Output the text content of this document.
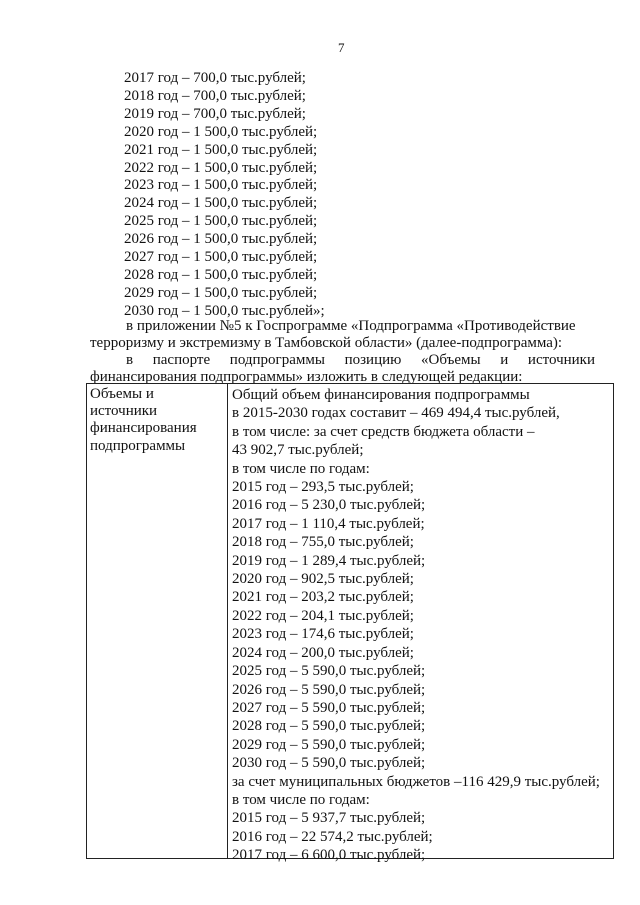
7
2017 год – 700,0 тыс.рублей;
2018 год – 700,0 тыс.рублей;
2019 год – 700,0 тыс.рублей;
2020 год – 1 500,0 тыс.рублей;
2021 год – 1 500,0 тыс.рублей;
2022 год – 1 500,0 тыс.рублей;
2023 год – 1 500,0 тыс.рублей;
2024 год – 1 500,0 тыс.рублей;
2025 год – 1 500,0 тыс.рублей;
2026 год – 1 500,0 тыс.рублей;
2027 год – 1 500,0 тыс.рублей;
2028 год – 1 500,0 тыс.рублей;
2029 год – 1 500,0 тыс.рублей;
2030 год – 1 500,0 тыс.рублей»;
в приложении №5 к Госпрограмме «Подпрограмма «Противодействие
терроризму и экстремизму в Тамбовской области» (далее-подпрограмма):
в паспорте подпрограммы позицию «Объемы и источники
финансирования подпрограммы» изложить в следующей редакции:
Объемы и
источники
финансирования
подпрограммы
Общий объем финансирования подпрограммы
в 2015-2030 годах составит – 469 494,4 тыс.рублей,
в том числе: за счет средств бюджета области –
43 902,7 тыс.рублей;
в том числе по годам:
2015 год – 293,5 тыс.рублей;
2016 год – 5 230,0 тыс.рублей;
2017 год – 1 110,4 тыс.рублей;
2018 год – 755,0 тыс.рублей;
2019 год – 1 289,4 тыс.рублей;
2020 год – 902,5 тыс.рублей;
2021 год – 203,2 тыс.рублей;
2022 год – 204,1 тыс.рублей;
2023 год – 174,6 тыс.рублей;
2024 год – 200,0 тыс.рублей;
2025 год – 5 590,0 тыс.рублей;
2026 год – 5 590,0 тыс.рублей;
2027 год – 5 590,0 тыс.рублей;
2028 год – 5 590,0 тыс.рублей;
2029 год – 5 590,0 тыс.рублей;
2030 год – 5 590,0 тыс.рублей;
за счет муниципальных бюджетов –116 429,9 тыс.рублей;
в том числе по годам:
2015 год – 5 937,7 тыс.рублей;
2016 год – 22 574,2 тыс.рублей;
2017 год – 6 600,0 тыс.рублей;
